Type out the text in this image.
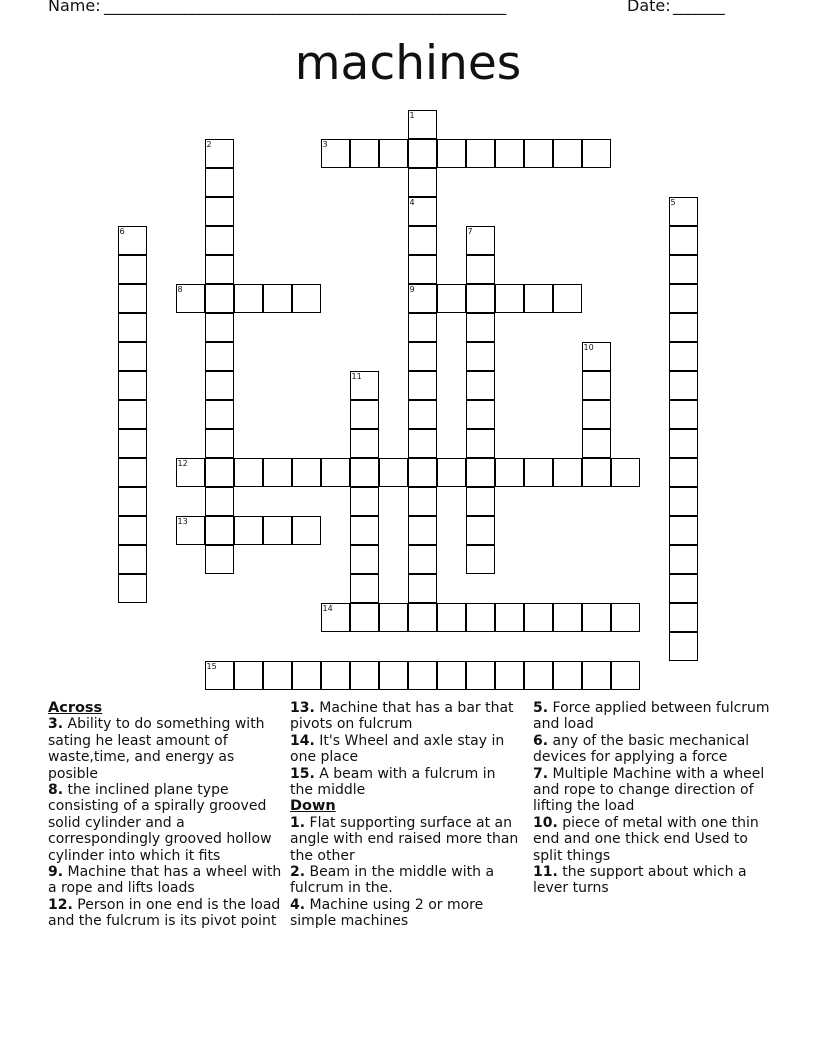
Name: _______________________________________________________	Date: _______
machines
1
4
9
2	3
5
6	7
8
10
11
12
13
14
15
Across
3. Ability to do something with sating he least amount of waste,time, and energy as posible
8. the inclined plane type consisting of a spirally grooved solid cylinder and a correspondingly grooved hollow cylinder into which it fits
9. Machine that has a wheel with a rope and lifts loads
12. Person in one end is the load and the fulcrum is its pivot point
13. Machine that has a bar that pivots on fulcrum
14. It's Wheel and axle stay in one place
15. A beam with a fulcrum in the middle
Down
1. Flat supporting surface at an angle with end raised more than the other
2. Beam in the middle with a fulcrum in the.
4. Machine using 2 or more simple machines
5. Force applied between fulcrum and load
6. any of the basic mechanical devices for applying a force
7. Multiple Machine with a wheel and rope to change direction of lifting the load
10. piece of metal with one thin end and one thick end Used to split things
11. the support about which a lever turns
